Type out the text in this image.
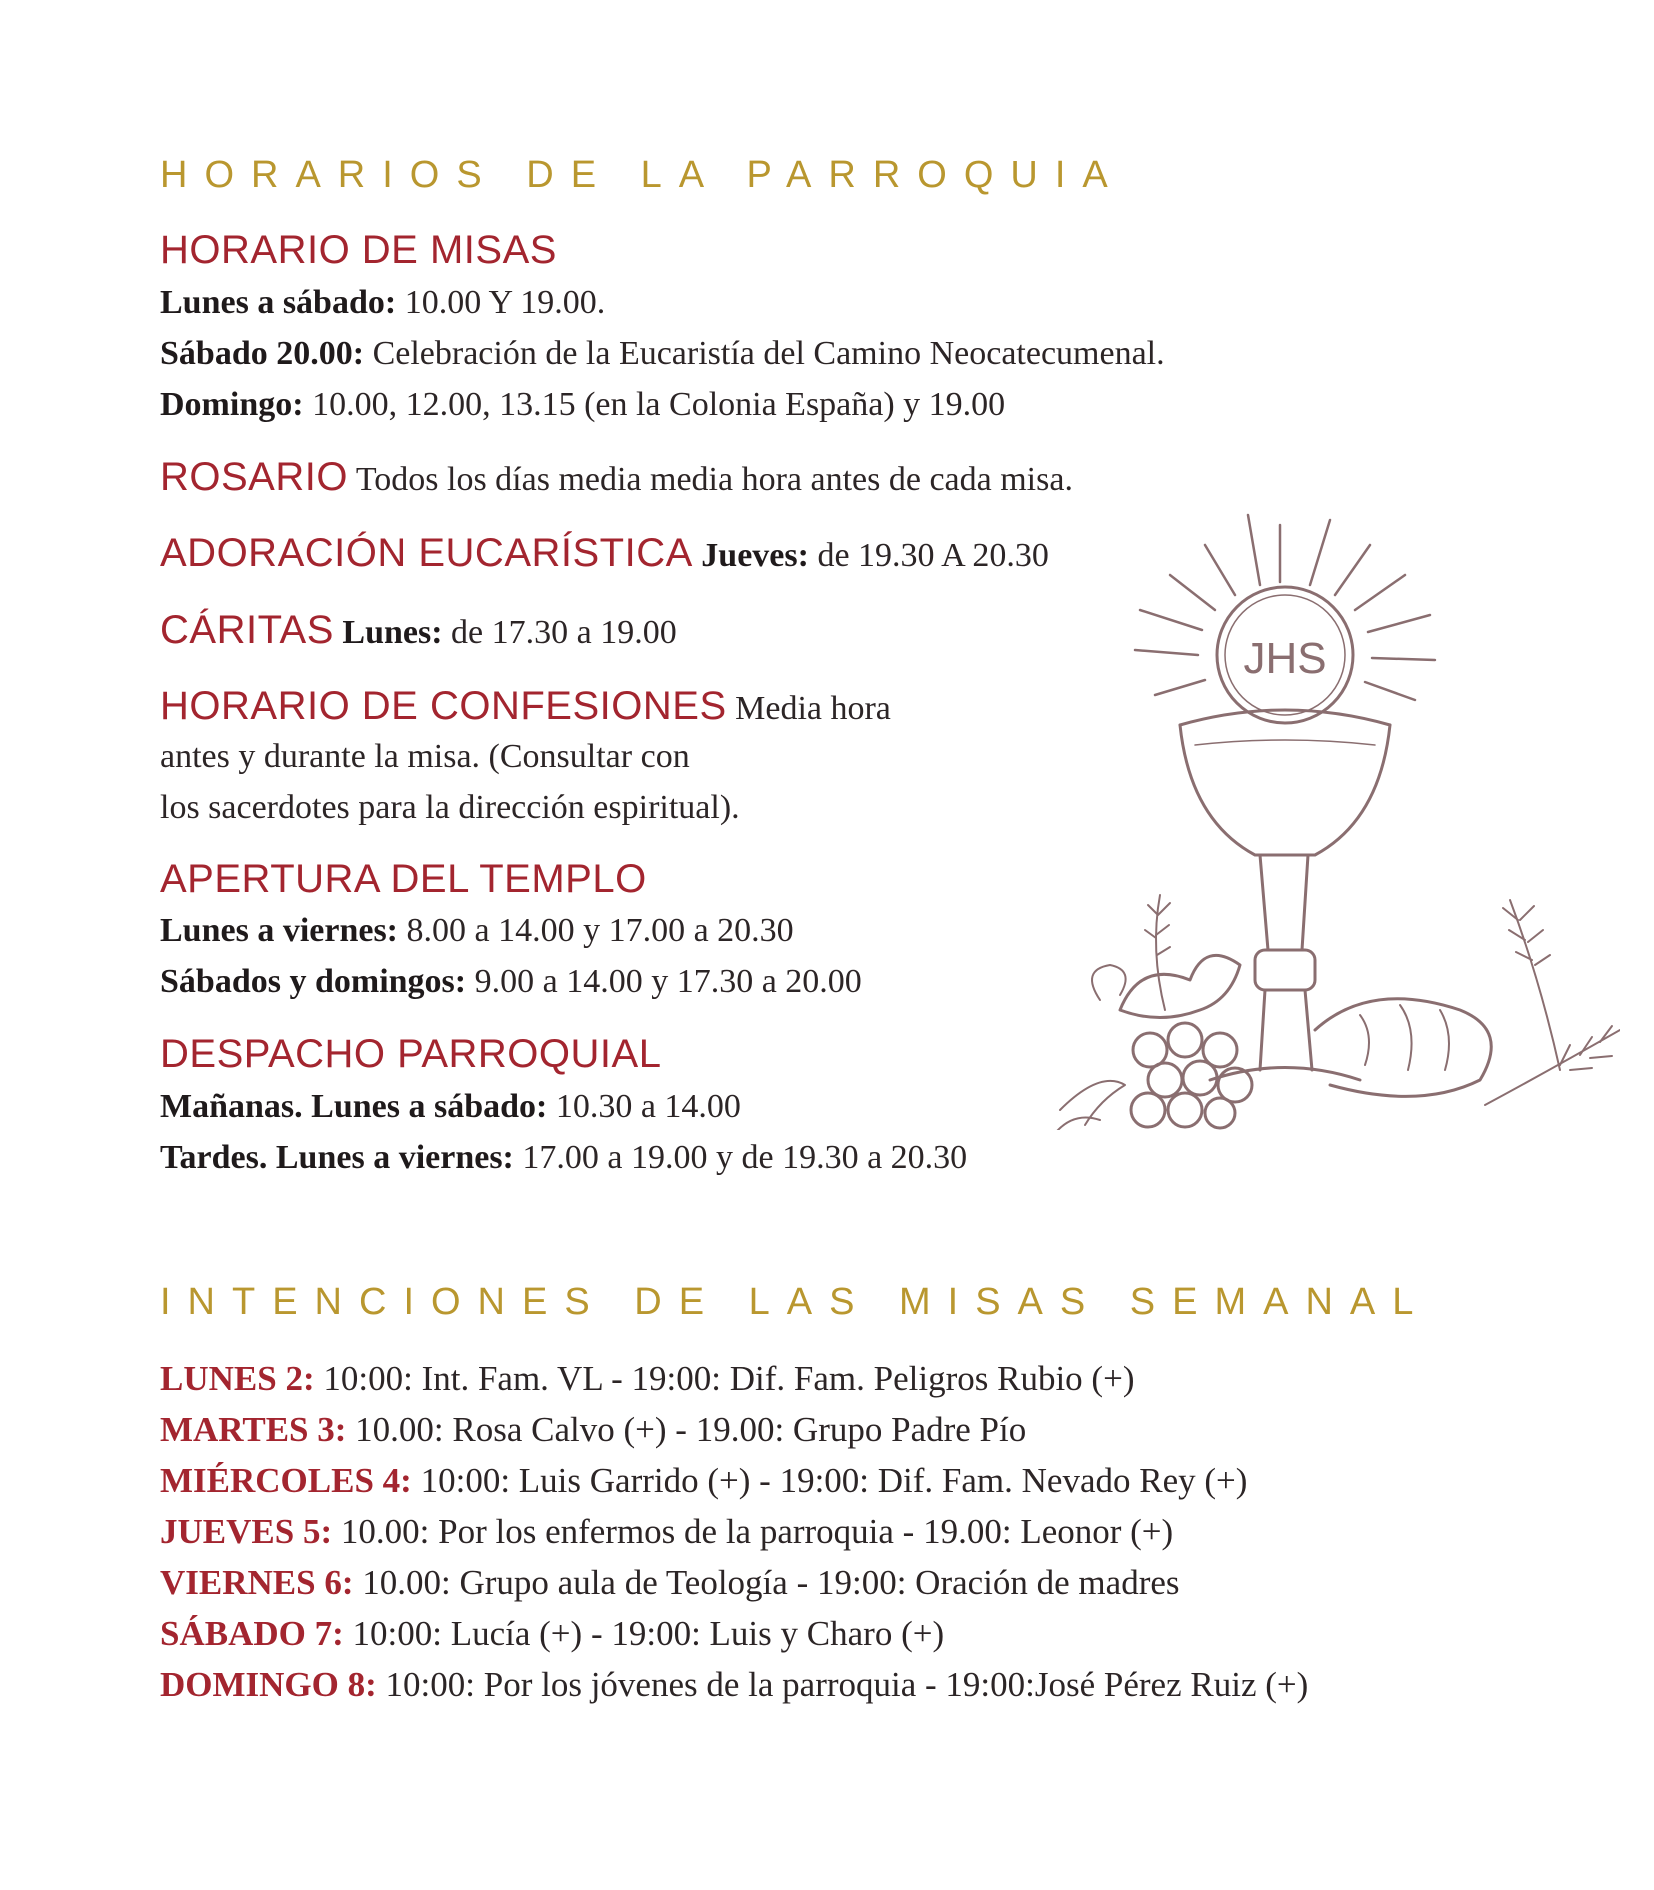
HORARIOS DE LA PARROQUIA
HORARIO DE MISAS
Lunes a sábado: 10.00 Y 19.00.
Sábado 20.00: Celebración de la Eucaristía del Camino Neocatecumenal.
Domingo: 10.00, 12.00, 13.15 (en la Colonia España) y 19.00
ROSARIO Todos los días media media hora antes de cada misa.
ADORACIÓN EUCARÍSTICA Jueves: de 19.30 A 20.30
CÁRITAS Lunes: de 17.30 a 19.00
HORARIO DE CONFESIONES Media hora
antes y durante la misa. (Consultar con
los sacerdotes para la dirección espiritual).
APERTURA DEL TEMPLO
Lunes a viernes: 8.00 a 14.00 y 17.00 a 20.30
Sábados y domingos: 9.00 a 14.00 y 17.30 a 20.00
DESPACHO PARROQUIAL
Mañanas. Lunes a sábado: 10.30 a 14.00
Tardes. Lunes a viernes: 17.00 a 19.00 y de 19.30 a 20.30
JHS
INTENCIONES DE LAS MISAS SEMANAL
LUNES 2: 10:00: Int. Fam. VL - 19:00: Dif. Fam. Peligros Rubio (+)
MARTES 3: 10.00: Rosa Calvo (+) - 19.00: Grupo Padre Pío
MIÉRCOLES 4: 10:00: Luis Garrido (+) - 19:00: Dif. Fam. Nevado Rey (+)
JUEVES 5: 10.00: Por los enfermos de la parroquia - 19.00: Leonor (+)
VIERNES 6: 10.00: Grupo aula de Teología - 19:00: Oración de madres
SÁBADO 7: 10:00: Lucía (+) - 19:00: Luis y Charo (+)
DOMINGO 8: 10:00: Por los jóvenes de la parroquia - 19:00:José Pérez Ruiz (+)
